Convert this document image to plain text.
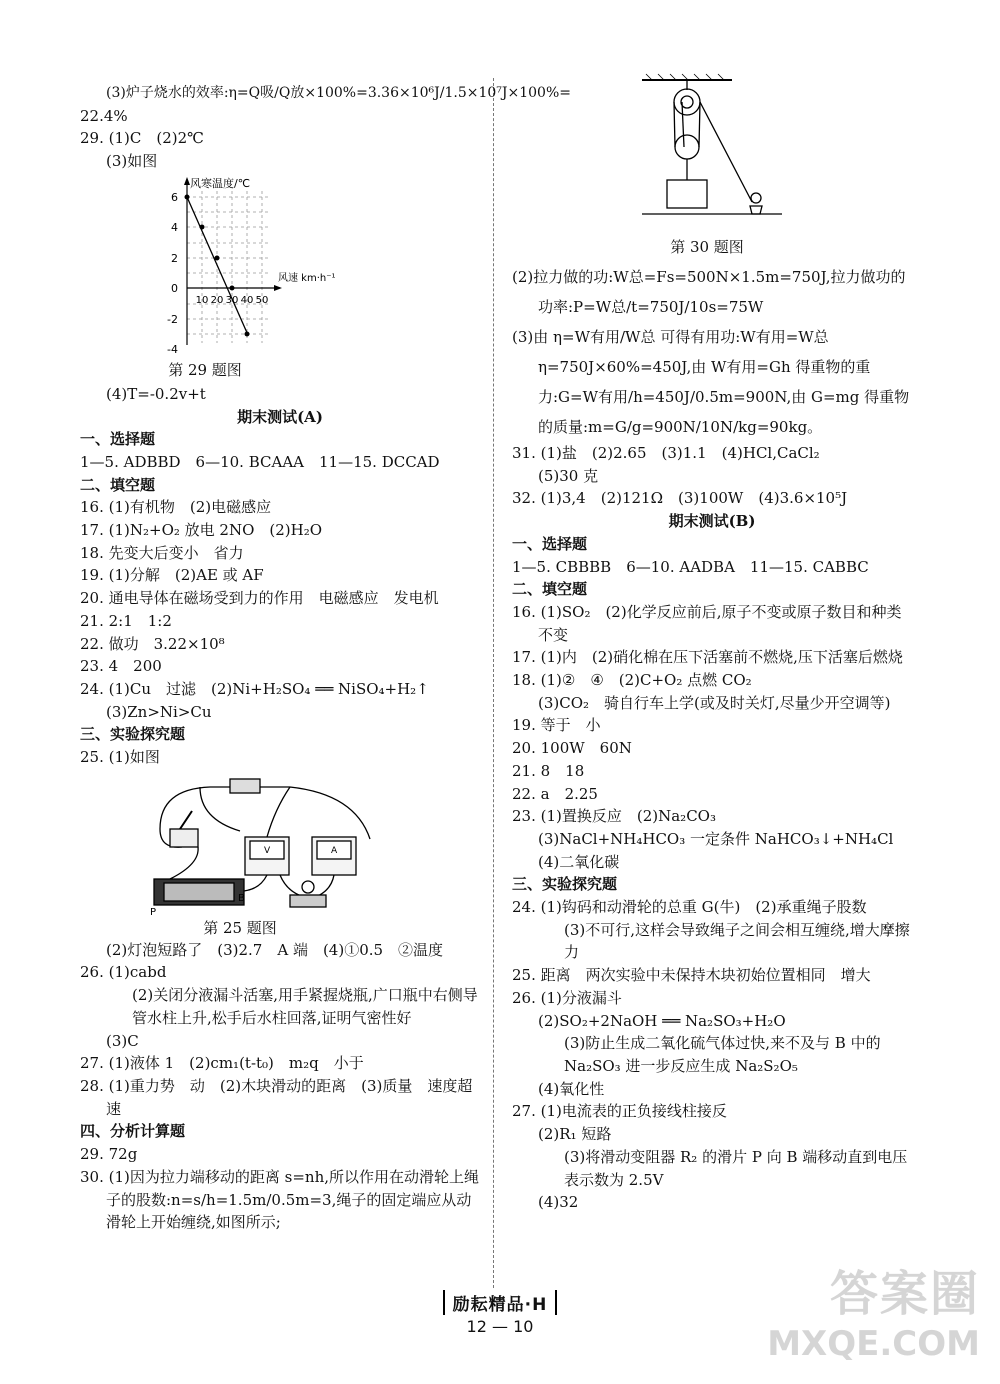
(3)炉子烧水的效率:η=Q吸/Q放×100%=3.36×10⁶J/1.5×10⁷J×100%=
22.4%
29. (1)C　(2)2℃
(3)如图
风寒温度/℃
6
4
2
0
-2
-4
10 20 30 40 50
风速 km·h⁻¹
第 29 题图
(4)T=-0.2v+t
期末测试(A)
一、选择题
1—5. ADBBD　6—10. BCAAA　11—15. DCCAD
二、填空题
16. (1)有机物　(2)电磁感应
17. (1)N₂+O₂ 放电 2NO　(2)H₂O
18. 先变大后变小　省力
19. (1)分解　(2)AE 或 AF
20. 通电导体在磁场受到力的作用　电磁感应　发电机
21. 2:1　1:2
22. 做功　3.22×10⁸
23. 4　200
24. (1)Cu　过滤　(2)Ni+H₂SO₄ ══ NiSO₄+H₂↑
(3)Zn>Ni>Cu
三、实验探究题
25. (1)如图
P
B
V	A
第 25 题图
(2)灯泡短路了　(3)2.7　A 端　(4)①0.5　②温度
26. (1)cabd
(2)关闭分液漏斗活塞,用手紧握烧瓶,广口瓶中右侧导管水柱上升,松手后水柱回落,证明气密性好
(3)C
27. (1)液体 1　(2)cm₁(t-t₀)　m₂q　小于
28. (1)重力势　动　(2)木块滑动的距离　(3)质量　速度超速
四、分析计算题
29. 72g
30. (1)因为拉力端移动的距离 s=nh,所以作用在动滑轮上绳子的股数:n=s/h=1.5m/0.5m=3,绳子的固定端应从动滑轮上开始缠绕,如图所示;
第 30 题图
(2)拉力做的功:W总=Fs=500N×1.5m=750J,拉力做功的功率:P=W总/t=750J/10s=75W
(3)由 η=W有用/W总 可得有用功:W有用=W总η=750J×60%=450J,由 W有用=Gh 得重物的重力:G=W有用/h=450J/0.5m=900N,由 G=mg 得重物的质量:m=G/g=900N/10N/kg=90kg。
31. (1)盐　(2)2.65　(3)1.1　(4)HCl,CaCl₂
(5)30 克
32. (1)3,4　(2)121Ω　(3)100W　(4)3.6×10⁵J
期末测试(B)
一、选择题
1—5. CBBBB　6—10. AADBA　11—15. CABBC
二、填空题
16. (1)SO₂　(2)化学反应前后,原子不变或原子数目和种类不变
17. (1)内　(2)硝化棉在压下活塞前不燃烧,压下活塞后燃烧
18. (1)②　④　(2)C+O₂ 点燃 CO₂
(3)CO₂　骑自行车上学(或及时关灯,尽量少开空调等)
19. 等于　小
20. 100W　60N
21. 8　18
22. a　2.25
23. (1)置换反应　(2)Na₂CO₃
(3)NaCl+NH₄HCO₃ 一定条件 NaHCO₃↓+NH₄Cl
(4)二氧化碳
三、实验探究题
24. (1)钩码和动滑轮的总重 G(牛)　(2)承重绳子股数
(3)不可行,这样会导致绳子之间会相互缠绕,增大摩擦力
25. 距离　两次实验中未保持木块初始位置相同　增大
26. (1)分液漏斗
(2)SO₂+2NaOH ══ Na₂SO₃+H₂O
(3)防止生成二氧化硫气体过快,来不及与 B 中的 Na₂SO₃ 进一步反应生成 Na₂S₂O₅
(4)氧化性
27. (1)电流表的正负接线柱接反
(2)R₁ 短路
(3)将滑动变阻器 R₂ 的滑片 P 向 B 端移动直到电压表示数为 2.5V
(4)32
励耘精品·H
12 — 10
答案圈
MXQE.COM
